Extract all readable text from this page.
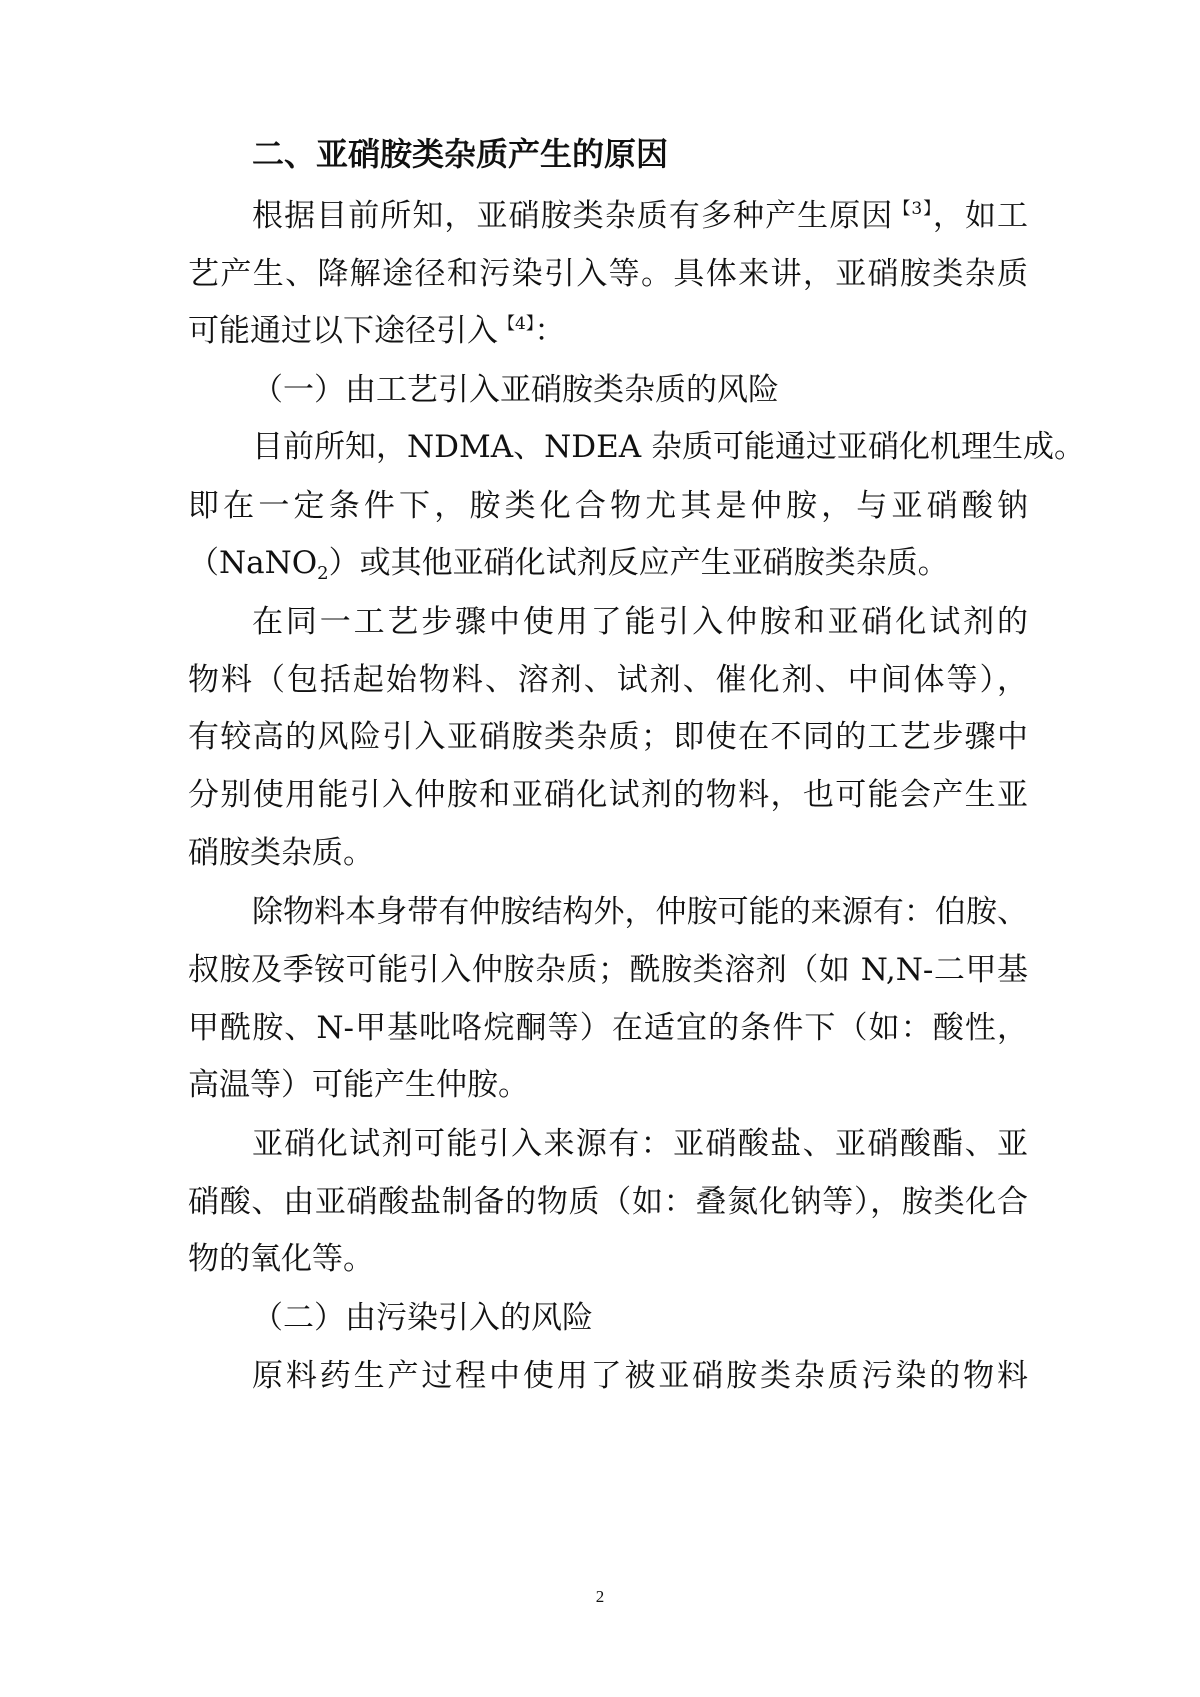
二、亚硝胺类杂质产生的原因
根据目前所知，亚硝胺类杂质有多种产生原因$^{【3】}$，如工
艺产生、降解途径和污染引入等。具体来讲，亚硝胺类杂质
可能通过以下途径引入$^{【4】}$：
（一）由工艺引入亚硝胺类杂质的风险
目前所知，NDMA、NDEA 杂质可能通过亚硝化机理生成。
即在一定条件下，胺类化合物尤其是仲胺，与亚硝酸钠
（NaNO$_2$）或其他亚硝化试剂反应产生亚硝胺类杂质。
在同一工艺步骤中使用了能引入仲胺和亚硝化试剂的
物料（包括起始物料、溶剂、试剂、催化剂、中间体等），
有较高的风险引入亚硝胺类杂质；即使在不同的工艺步骤中
分别使用能引入仲胺和亚硝化试剂的物料，也可能会产生亚
硝胺类杂质。
除物料本身带有仲胺结构外，仲胺可能的来源有：伯胺、
叔胺及季铵可能引入仲胺杂质；酰胺类溶剂（如 N,N-二甲基
甲酰胺、N-甲基吡咯烷酮等）在适宜的条件下（如：酸性，
高温等）可能产生仲胺。
亚硝化试剂可能引入来源有：亚硝酸盐、亚硝酸酯、亚
硝酸、由亚硝酸盐制备的物质（如：叠氮化钠等），胺类化合
物的氧化等。
（二）由污染引入的风险
原料药生产过程中使用了被亚硝胺类杂质污染的物料
2
